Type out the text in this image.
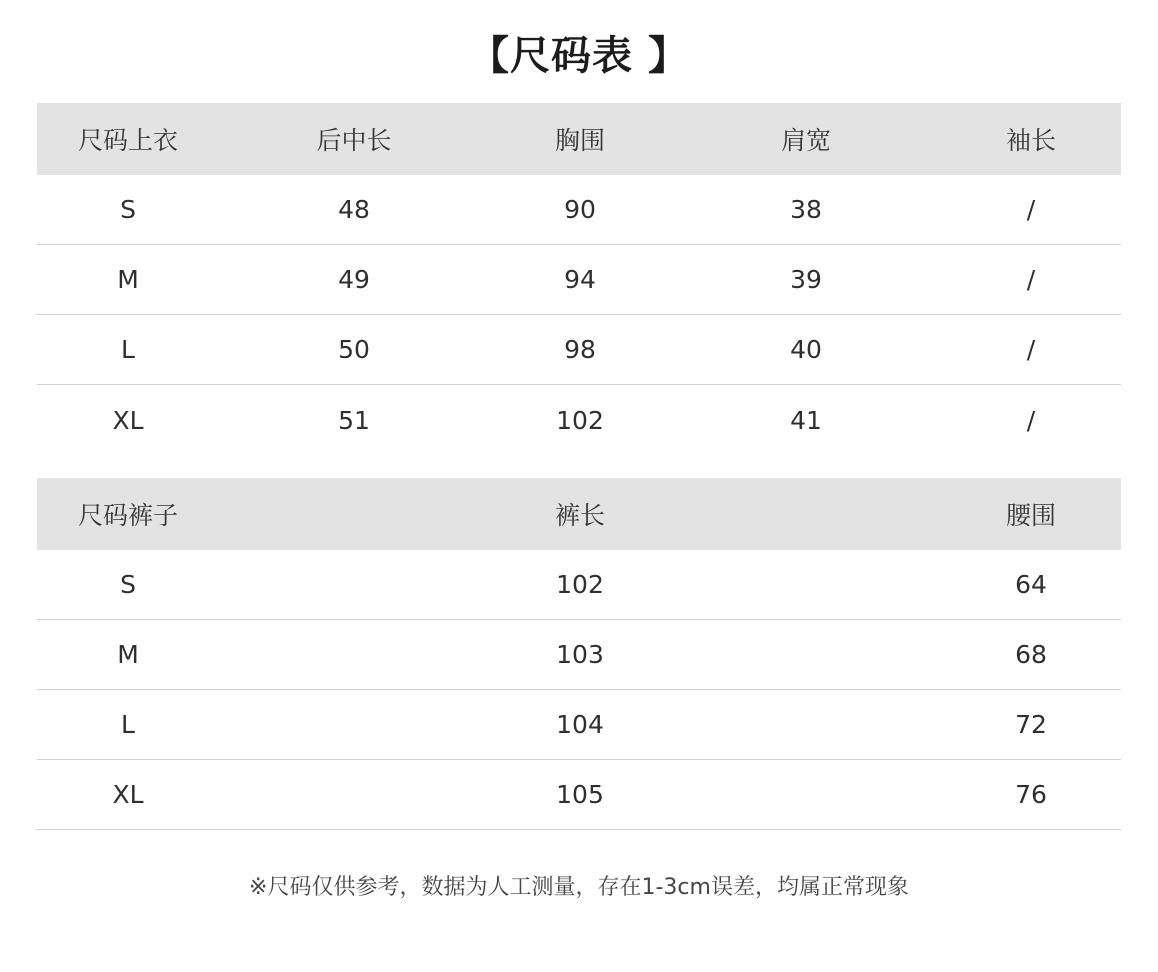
【尺码表 】
尺码上衣	后中长	胸围	肩宽	袖长
S	48	90	38	/
M	49	94	39	/
L	50	98	40	/
XL	51	102	41	/
尺码裤子	裤长	腰围
S	102	64
M	103	68
L	104	72
XL	105	76
※尺码仅供参考，数据为人工测量，存在1-3cm误差，均属正常现象
